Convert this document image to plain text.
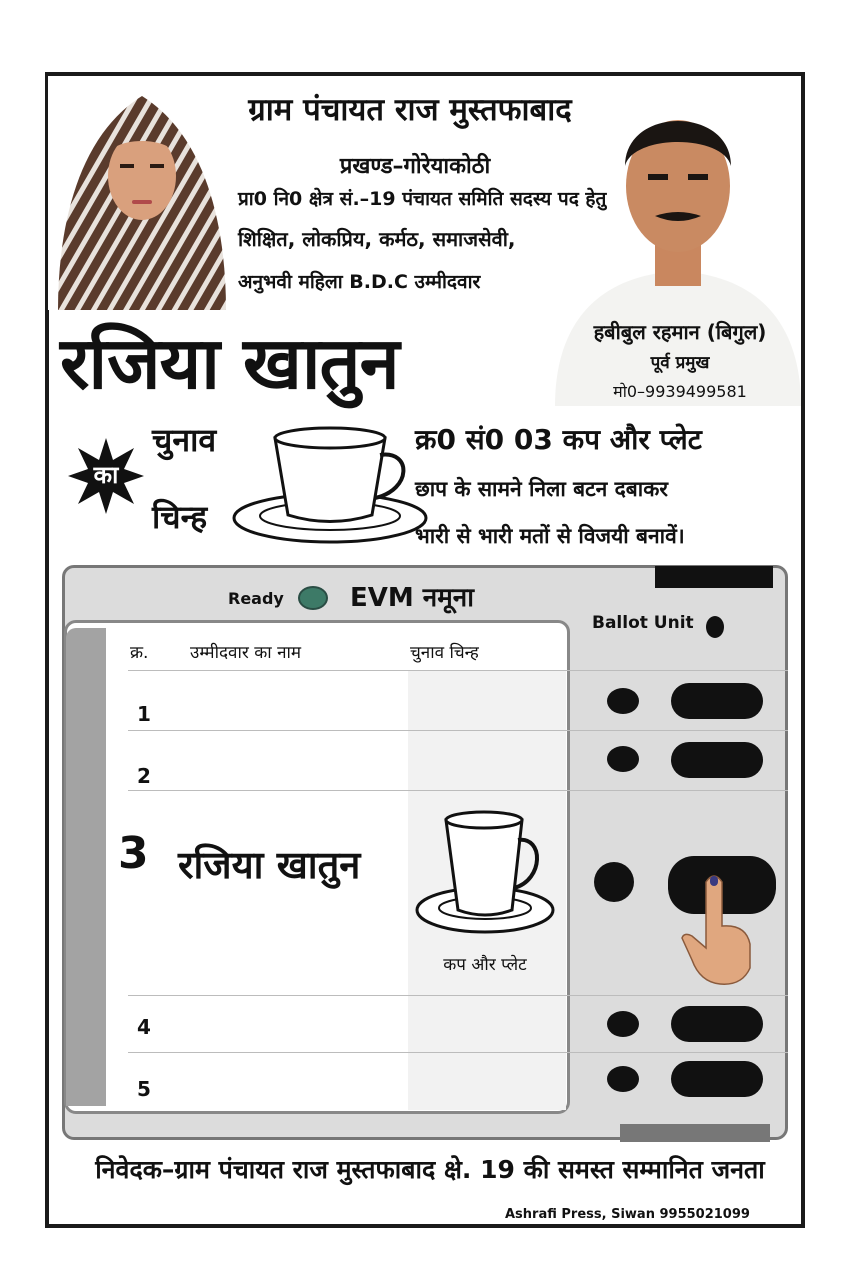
ग्राम पंचायत राज मुस्तफाबाद
प्रखण्ड–गोरेयाकोठी
प्रा0 नि0 क्षेत्र सं.–19 पंचायत समिति सदस्य पद हेतु
शिक्षित, लोकप्रिय, कर्मठ, समाजसेवी,
अनुभवी महिला B.D.C उम्मीदवार
रजिया खातुन	हबीबुल रहमान (बिगुल)
पूर्व प्रमुख
मो0–9939499581
का
चुनाव
चिन्ह
क्र0 सं0 03 कप और प्लेट
छाप के सामने निला बटन दबाकर
भारी से भारी मतों से विजयी बनावें।
Ready	EVM नमूना
Ballot Unit
क्र. उम्मीदवार का नाम	चुनाव चिन्ह
1
2
3 रजिया खातुन
कप और प्लेट
4
5
निवेदक–ग्राम पंचायत राज मुस्तफाबाद क्षे. 19 की समस्त सम्मानित जनता
Ashrafi Press, Siwan 9955021099
